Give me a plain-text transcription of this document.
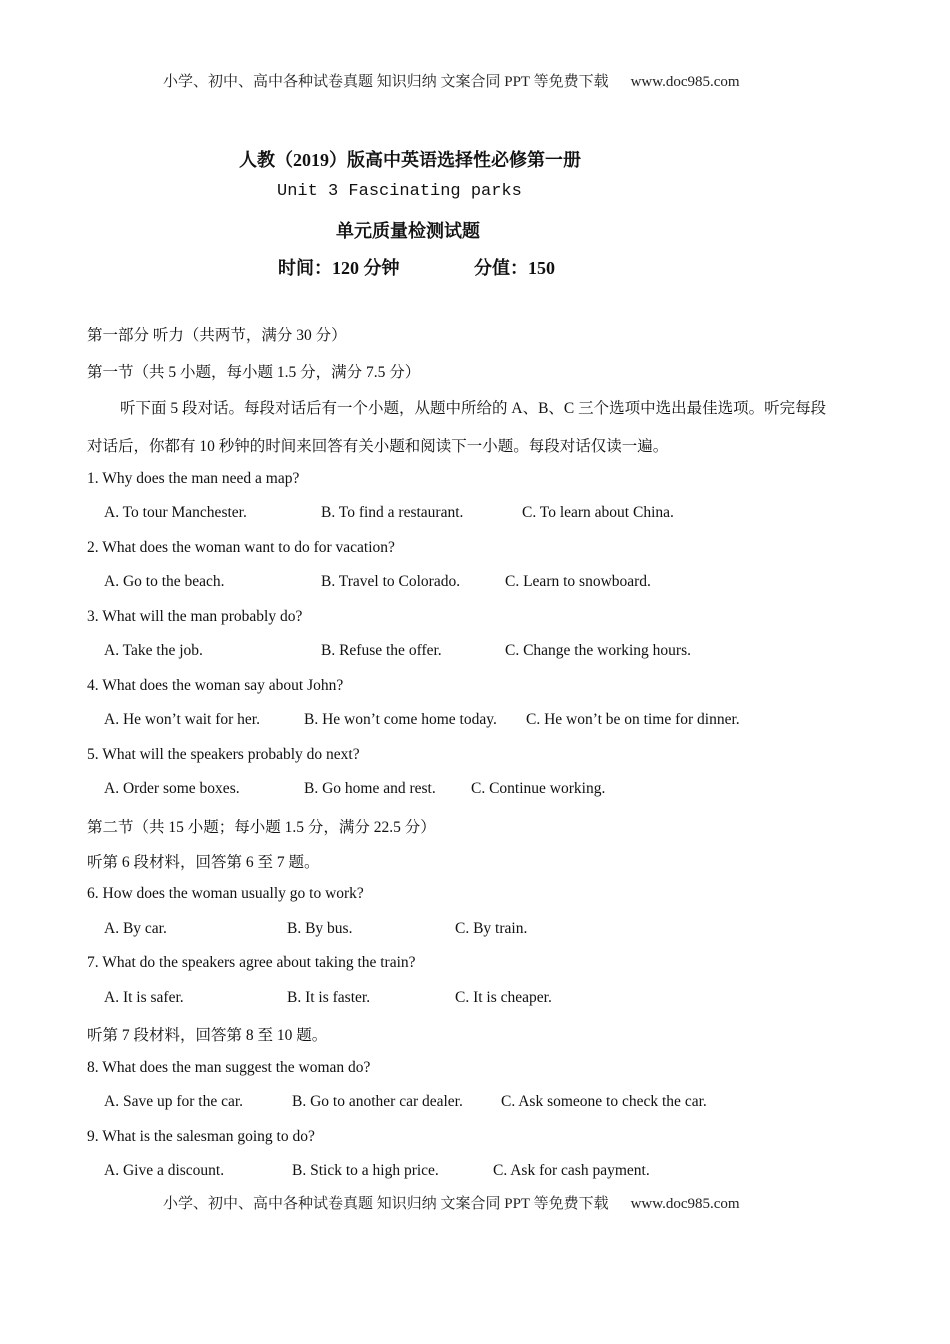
小学、初中、高中各种试卷真题 知识归纳 文案合同 PPT 等免费下载 www.doc985.com
人教（2019）版高中英语选择性必修第一册
Unit 3 Fascinating parks
单元质量检测试题
时间：120 分钟	分值：150
第一部分 听力（共两节，满分 30 分）
第一节（共 5 小题，每小题 1.5 分，满分 7.5 分）
听下面 5 段对话。每段对话后有一个小题，从题中所给的 A、B、C 三个选项中选出最佳选项。听完每段
对话后，你都有 10 秒钟的时间来回答有关小题和阅读下一小题。每段对话仅读一遍。
1. Why does the man need a map?
A. To tour Manchester.	B. To find a restaurant.	C. To learn about China.
2. What does the woman want to do for vacation?
A. Go to the beach.	B. Travel to Colorado.	C. Learn to snowboard.
3. What will the man probably do?
A. Take the job.	B. Refuse the offer.	C. Change the working hours.
4. What does the woman say about John?
A. He won’t wait for her.	B. He won’t come home today. C. He won’t be on time for dinner.
5. What will the speakers probably do next?
A. Order some boxes.	B. Go home and rest. C. Continue working.
第二节（共 15 小题；每小题 1.5 分，满分 22.5 分）
听第 6 段材料，回答第 6 至 7 题。
6. How does the woman usually go to work?
A. By car.	B. By bus.	C. By train.
7. What do the speakers agree about taking the train?
A. It is safer.	B. It is faster.	C. It is cheaper.
听第 7 段材料，回答第 8 至 10 题。
8. What does the man suggest the woman do?
A. Save up for the car.	B. Go to another car dealer. C. Ask someone to check the car.
9. What is the salesman going to do?
A. Give a discount.	B. Stick to a high price.	C. Ask for cash payment.
小学、初中、高中各种试卷真题 知识归纳 文案合同 PPT 等免费下载 www.doc985.com
